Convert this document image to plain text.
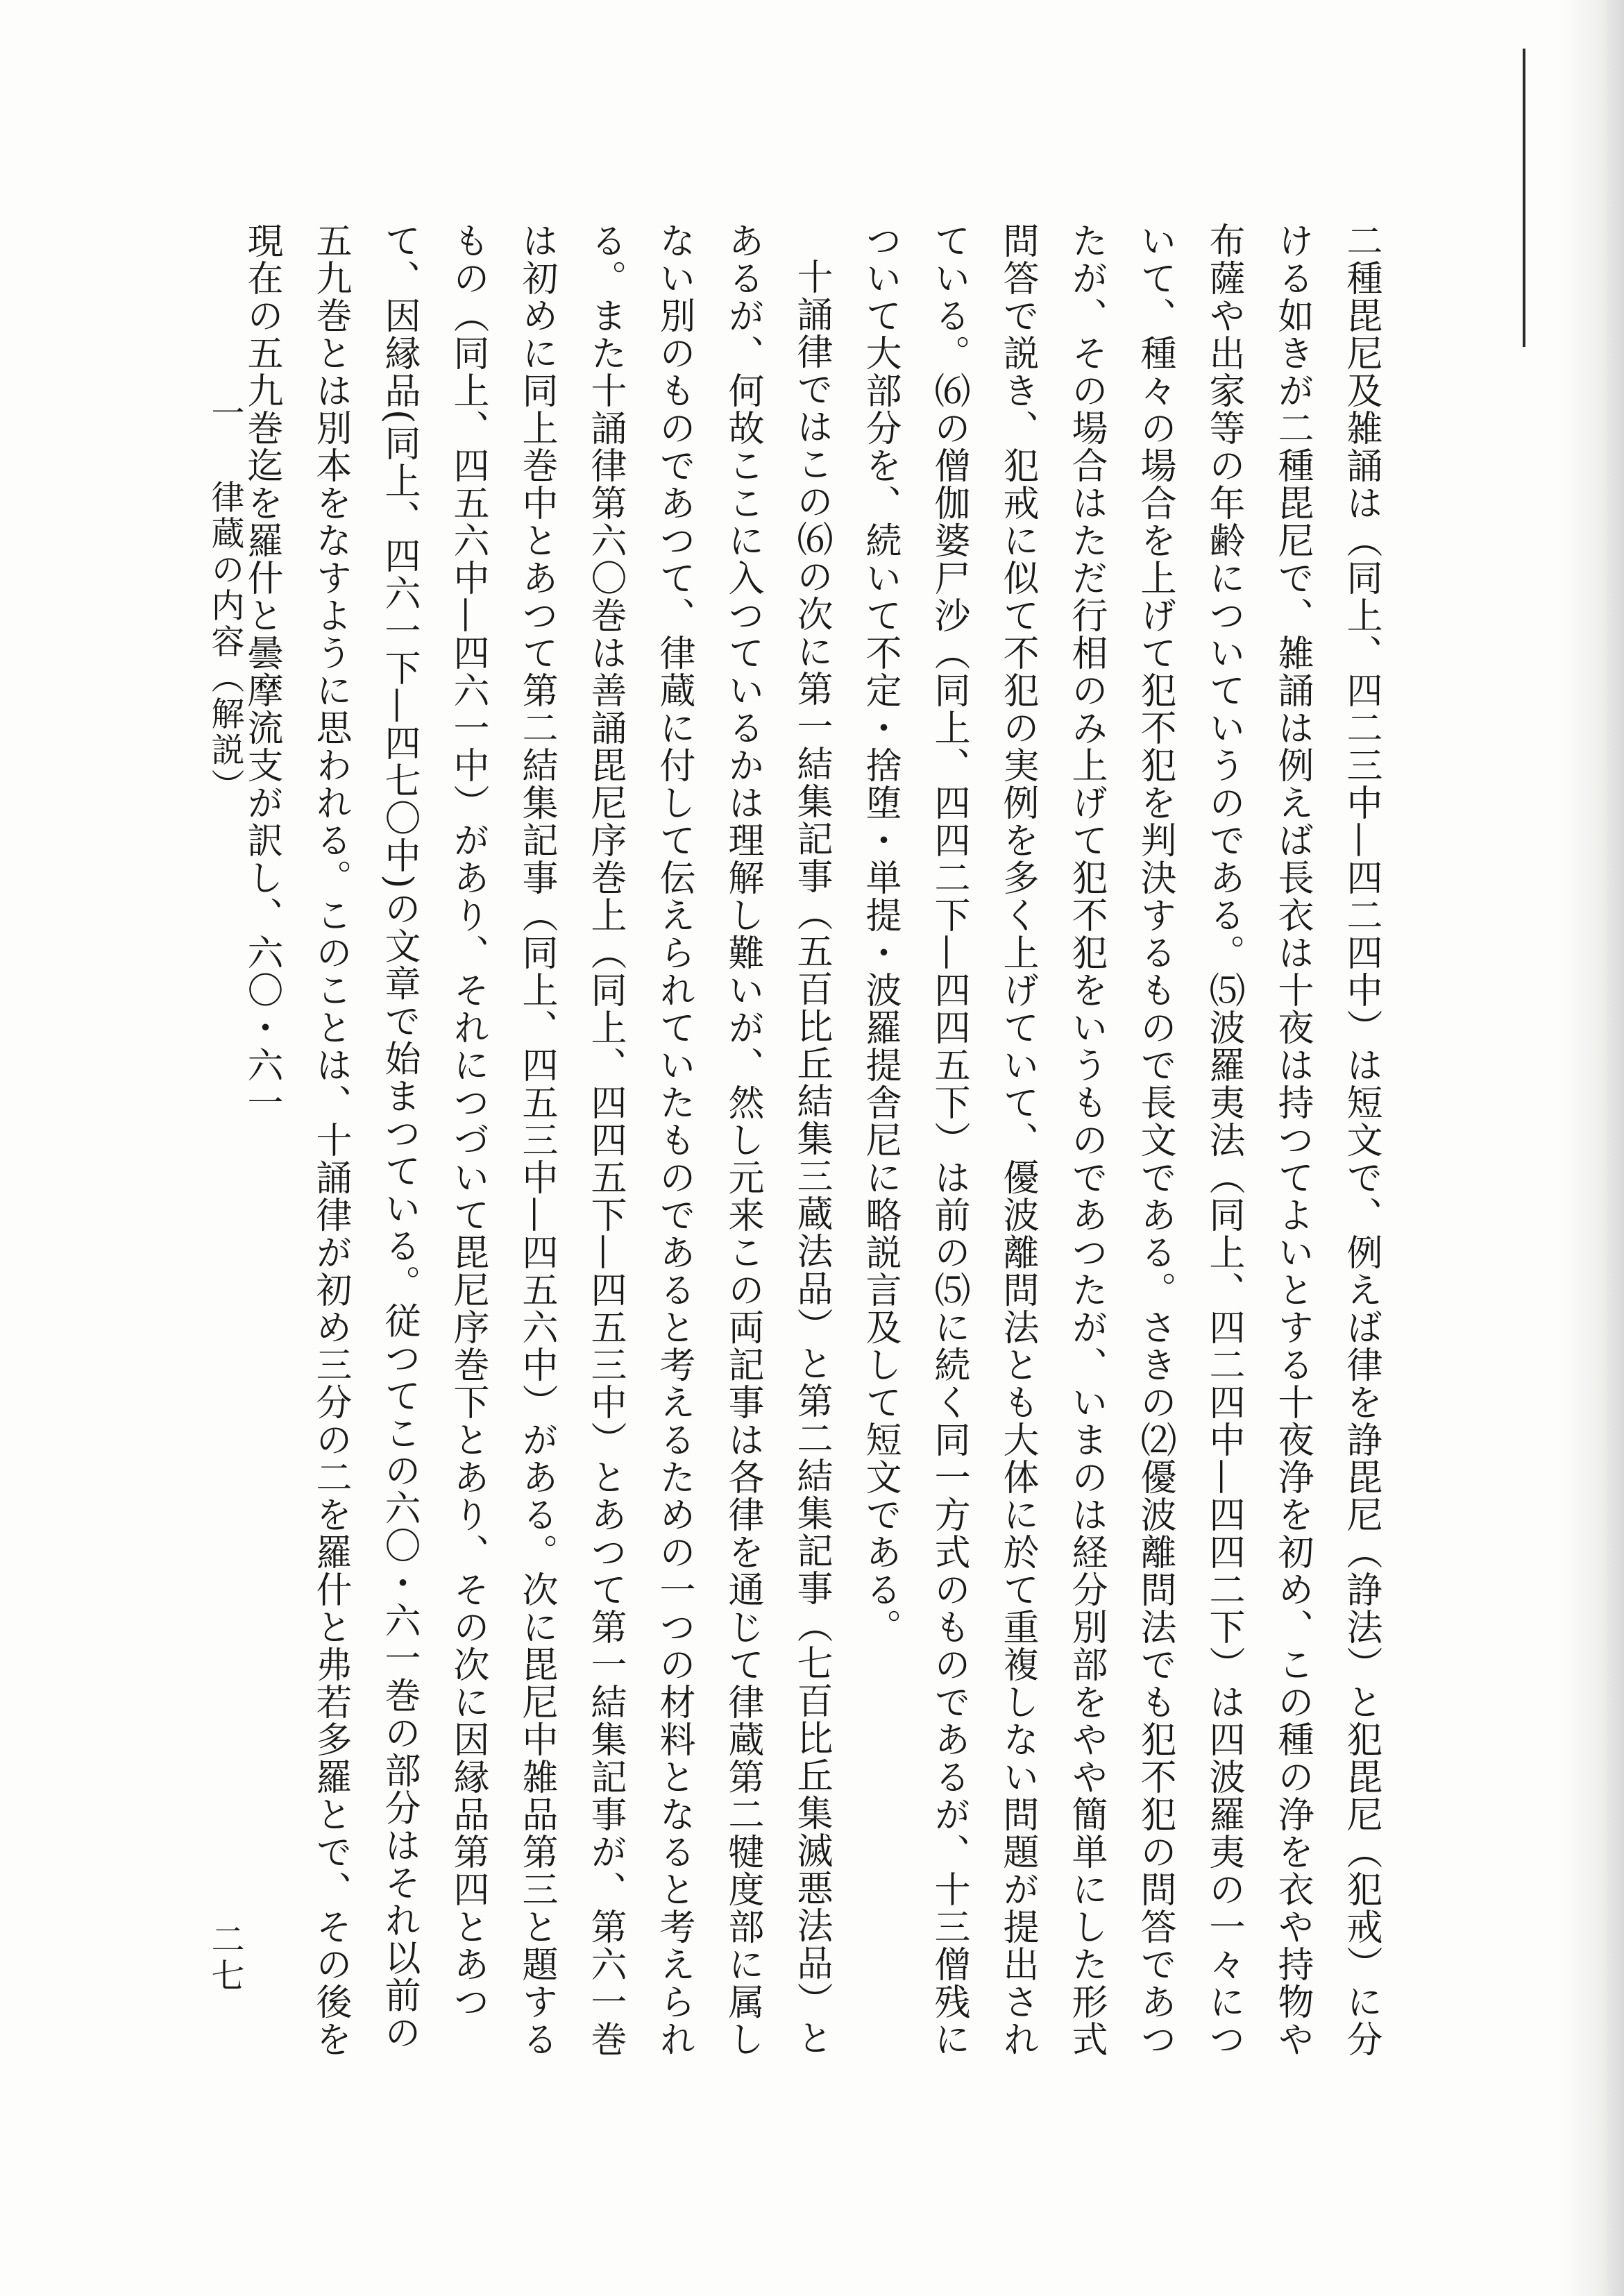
二種毘尼及雑誦は（同上、四二三中—四二四中）は短文で、例えば律を諍毘尼（諍法）と犯毘尼（犯戒）に分ける如きが二種毘尼で、雑誦は例えば長衣は十夜は持つてよいとする十夜浄を初め、この種の浄を衣や持物や布薩や出家等の年齢についていうのである。⑸波羅夷法（同上、四二四中—四四二下）は四波羅夷の一々について、種々の場合を上げて犯不犯を判決するもので長文である。さきの⑵優波離問法でも犯不犯の問答であつたが、その場合はただ行相のみ上げて犯不犯をいうものであつたが、いまのは経分別部をやや簡単にした形式問答で説き、犯戒に似て不犯の実例を多く上げていて、優波離問法とも大体に於て重複しない問題が提出されている。⑹の僧伽婆尸沙（同上、四四二下—四四五下）は前の⑸に続く同一方式のものであるが、十三僧残について大部分を、続いて不定・捨堕・単提・波羅提舎尼に略説言及して短文である。

十誦律ではこの⑹の次に第一結集記事（五百比丘結集三蔵法品）と第二結集記事（七百比丘集滅悪法品）とあるが、何故ここに入つているかは理解し難いが、然し元来この両記事は各律を通じて律蔵第二犍度部に属しない別のものであつて、律蔵に付して伝えられていたものであると考えるための一つの材料となると考えられる。また十誦律第六〇巻は善誦毘尼序巻上（同上、四四五下—四五三中）とあつて第一結集記事が、第六一巻は初めに同上巻中とあつて第二結集記事（同上、四五三中—四五六中）がある。次に毘尼中雑品第三と題するもの（同上、四五六中—四六一中）があり、それにつづいて毘尼序巻下とあり、その次に因縁品第四とあつて、因縁品(同上、四六一下—四七〇中)の文章で始まつている。従つてこの六〇・六一巻の部分はそれ以前の五九巻とは別本をなすように思われる。このことは、十誦律が初め三分の二を羅什と弗若多羅とで、その後を現在の五九巻迄を羅什と曇摩流支が訳し、六〇・六一

一 律蔵の内容（解説）
二七
